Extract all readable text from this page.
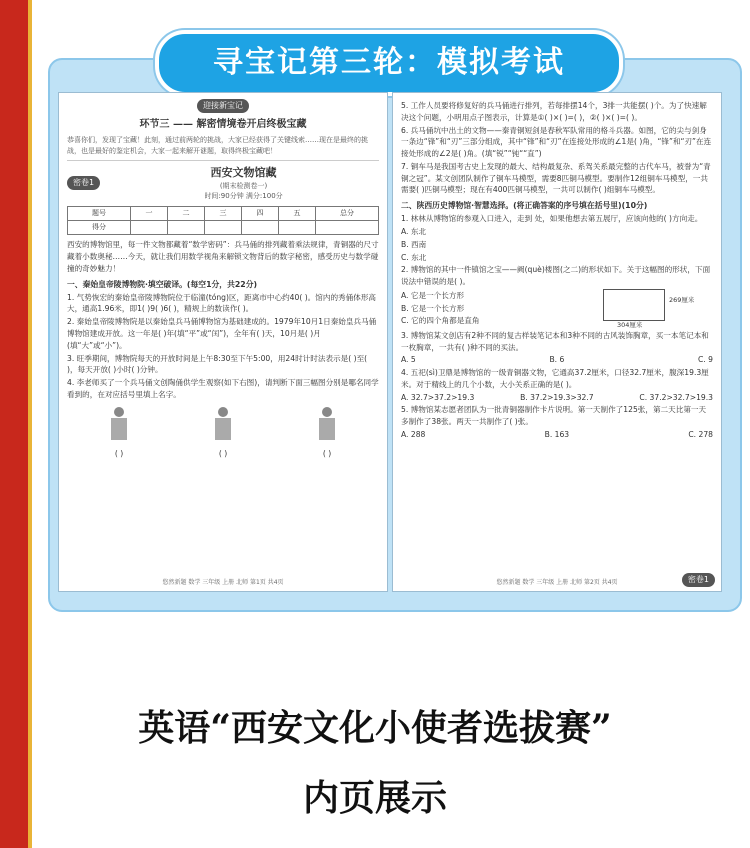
寻宝记第三轮：模拟考试
迎接新宝记
环节三 —— 解密情境卷开启终极宝藏
恭喜你们，发现了宝藏！此刻，通过前两轮的挑战，大家已经获得了关键线索……现在是最终的挑战，也是最好的鉴定机会，大家一起来解开谜题，取得终极宝藏吧！
密卷1
西安文物馆藏
(期末检测卷一)
时间:90分钟 满分:100分
题号	一	二	三	四	五	总分
得分						
西安的博物馆里，每一件文物都藏着“数学密码”：兵马俑的排列藏着乘法规律，青铜器的尺寸藏着小数奥秘……今天，就让我们用数学视角来解锁文物背后的数字秘密，感受历史与数学碰撞的奇妙魅力！
一、秦始皇帝陵博物院·填空破译。(每空1分，共22分)
1. 气势恢宏的秦始皇帝陵博物院位于临潼(tóng)区，距离市中心约40( )。馆内的秀俑体形高大，通高1.96米，即1( )9( )6( )，精规上的数读作( )。
2. 秦始皇帝陵博物院是以秦始皇兵马俑博物馆为基础建成的。1979年10月1日秦始皇兵马俑博物馆建成开放。这一年是( )年(填“平”或“闰”)，全年有( )天，10月是( )月(填“大”或“小”)。
3. 旺季期间，博物院每天的开放时间是上午8:30至下午5:00，用24时计时法表示是( )至( )，每天开放( )小时( )分钟。
4. 李老师买了一个兵马俑文创陶俑供学生观察(如下右图)，请判断下面三幅图分别是哪名同学看到的，在对应括号里填上名字。
( )	( )	( )
悠然新题 数学 三年级 上册 北师 第1页 共4页
5. 工作人员要将修复好的兵马俑进行排列，若每排摆14个，3排一共能摆( )个。为了快速解决这个问题，小明用点子图表示，计算是①( )×( )=( )，②( )×( )=( )。
6. 兵马俑坑中出土的文物——秦青铜短剑是春秋军队常用的格斗兵器。如图，它的尖与剑身一条边“锋”和“刃”三部分组成，其中“锋”和“刃”在连接处形成的∠1是( )角，“锋”和“刃”在连接处形成的∠2是( )角。(填“锐”“钝““直”)
7. 铜车马是我国考古史上发现的最大、结构最复杂、系驾关系最完整的古代车马，被誉为“青铜之冠”。某文创团队制作了铜车马模型，需要8匹铜马模型。要制作12组铜车马模型，一共需要( )匹铜马模型；现在有400匹铜马模型，一共可以制作( )组铜车马模型。
二、陕西历史博物馆·智慧选择。(将正确答案的序号填在括号里)(10分)
1. 林林从博物馆的参观入口进入，走到 处，如果他想去第五展厅，应该向他的( )方向走。
A. 东北
B. 西南
C. 东北
2. 博物馆的其中一件镇馆之宝——阙(què)楼图(之二)的形状如下。关于这幅图的形状，下面说法中错误的是( )。
A. 它是一个长方形
B. 它是一个长方形
C. 它的四个角都是直角
269厘米
304厘米
3. 博物馆某文创店有2种不同的复古样装笔记本和3种不同的古风装饰胸章，买一本笔记本和一枚胸章，一共有( )种不同的买法。
A. 5	B. 6	C. 9
4. 五祀(sì)卫鼎是博物馆的一级青铜器文物，它通高37.2厘米，口径32.7厘米，腹深19.3厘米。对于精线上的几个小数，大小关系正确的是( )。
A. 32.7>37.2>19.3	B. 37.2>19.3>32.7	C. 37.2>32.7>19.3
5. 博物馆某志愿者团队为一批青铜器制作卡片说明。第一天制作了125张，第二天比第一天多制作了38张。两天一共制作了( )张。
A. 288	B. 163	C. 278
悠然新题 数学 三年级 上册 北师 第2页 共4页	密卷1
英语“西安文化小使者选拔赛”
内页展示
